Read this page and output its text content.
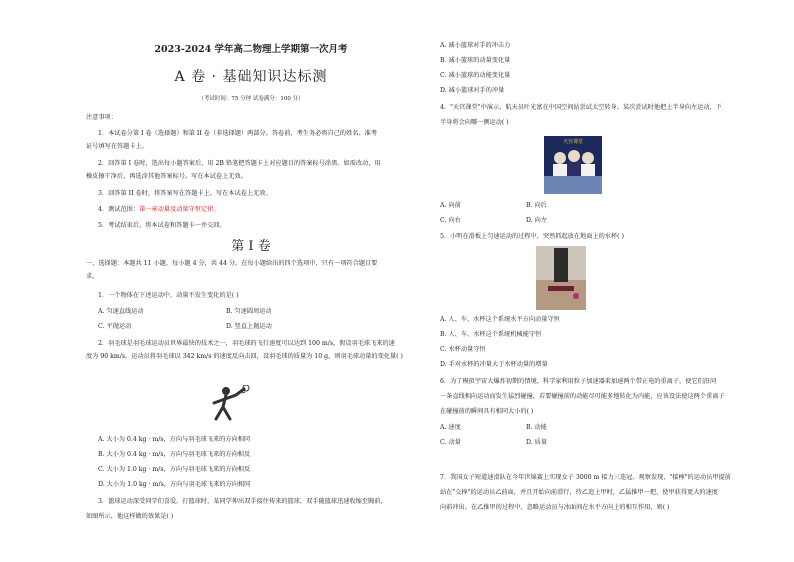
2023-2024 学年高二物理上学期第一次月考
A 卷 · 基础知识达标测
（考试时间：75 分钟 试卷满分：100 分）
注意事项：
1．本试卷分第 I 卷（选择题）和第 II 卷（非选择题）两部分。答卷前，考生务必将自己的姓名、准考
证号填写在答题卡上。
2．回答第 I 卷时，选出每小题答案后，用 2B 铅笔把答题卡上对应题目的答案标号涂黑。如需改动，用
橡皮擦干净后，再选涂其他答案标号。写在本试卷上无效。
3．回答第 II 卷时，将答案写在答题卡上。写在本试卷上无效。
4．测试范围：第一章动量及动量守恒定律。
5．考试结束后，将本试卷和答题卡一并交回。
第 I 卷
一、选择题：本题共 11 小题，每小题 4 分，共 44 分。在每小题给出的四个选项中，只有一项符合题目要
求。
1．一个物体在下述运动中，动量不发生变化的是( )
A. 匀速直线运动	B. 匀速圆周运动
C. 平抛运动	D. 竖直上抛运动
2．羽毛球是羽毛球运动员世界最快的技术之一，羽毛球的飞行速度可以达到 100 m/s，假设羽毛球飞来的速
度为 90 km/s，运动员将羽毛球以 342 km/s 的速度反向击回，设羽毛球的质量为 10 g，则羽毛球动量的变化量( )
A. 大小为 0.4 kg · m/s，方向与羽毛球飞来的方向相同
B. 大小为 0.4 kg · m/s，方向与羽毛球飞来的方向相反
C. 大小为 1.0 kg · m/s，方向与羽毛球飞来的方向相反
D. 大小为 1.0 kg · m/s，方向与羽毛球飞来的方向相同
3．篮球运动深受同学们喜爱。打篮球时，某同学伸出双手接住传来的篮球，双手随篮球迅速收缩至胸前，
如图所示，他这样做的效果是( )
A. 减小篮球对手的冲击力
B. 减小篮球的动量变化量
C. 减小篮球的动能变化量
D. 减小篮球对手的冲量
4．"天宫课堂"中演示，航天员叶光富在中国空间站尝试太空转身。某次尝试时他把上半身向左运动，下
半身将会向哪一侧运动( )
天宫课堂
A. 向前	B. 向后
C. 向右	D. 向左
5．小明在滑板上匀速运动的过程中，突然抓起放在地面上的水杯( )
A. 人、车、水杯这个系统水平方向动量守恒
B. 人、车、水杯这个系统机械能守恒
C. 水杯动量守恒
D. 手对水杯的冲量大于水杯动量的增量
6．为了模拟宇宙大爆炸初期的情境，科学家利用粒子加速器来加速两个带正电的重离子，使它们沿同
一条直线相向运动而发生猛烈碰撞，若要碰撞前的动能尽可能多地转化为内能，应该设法使这两个重离子
在碰撞前的瞬间具有相同大小的( )
A. 速度	B. 动能
C. 动量	D. 质量
7．我国女子短道速滑队在今年世锦赛上实现女子 3000 m 接力三连冠。观察发现，"接棒"的运动员甲提前
站在"交捧"的运动员乙前面，并且开始向前滑行，待乙追上甲时，乙猛推甲一把，使甲获得更大的速度
向前冲出。在乙推甲的过程中，忽略运动员与冰面间在水平方向上的相互作用，则( )
